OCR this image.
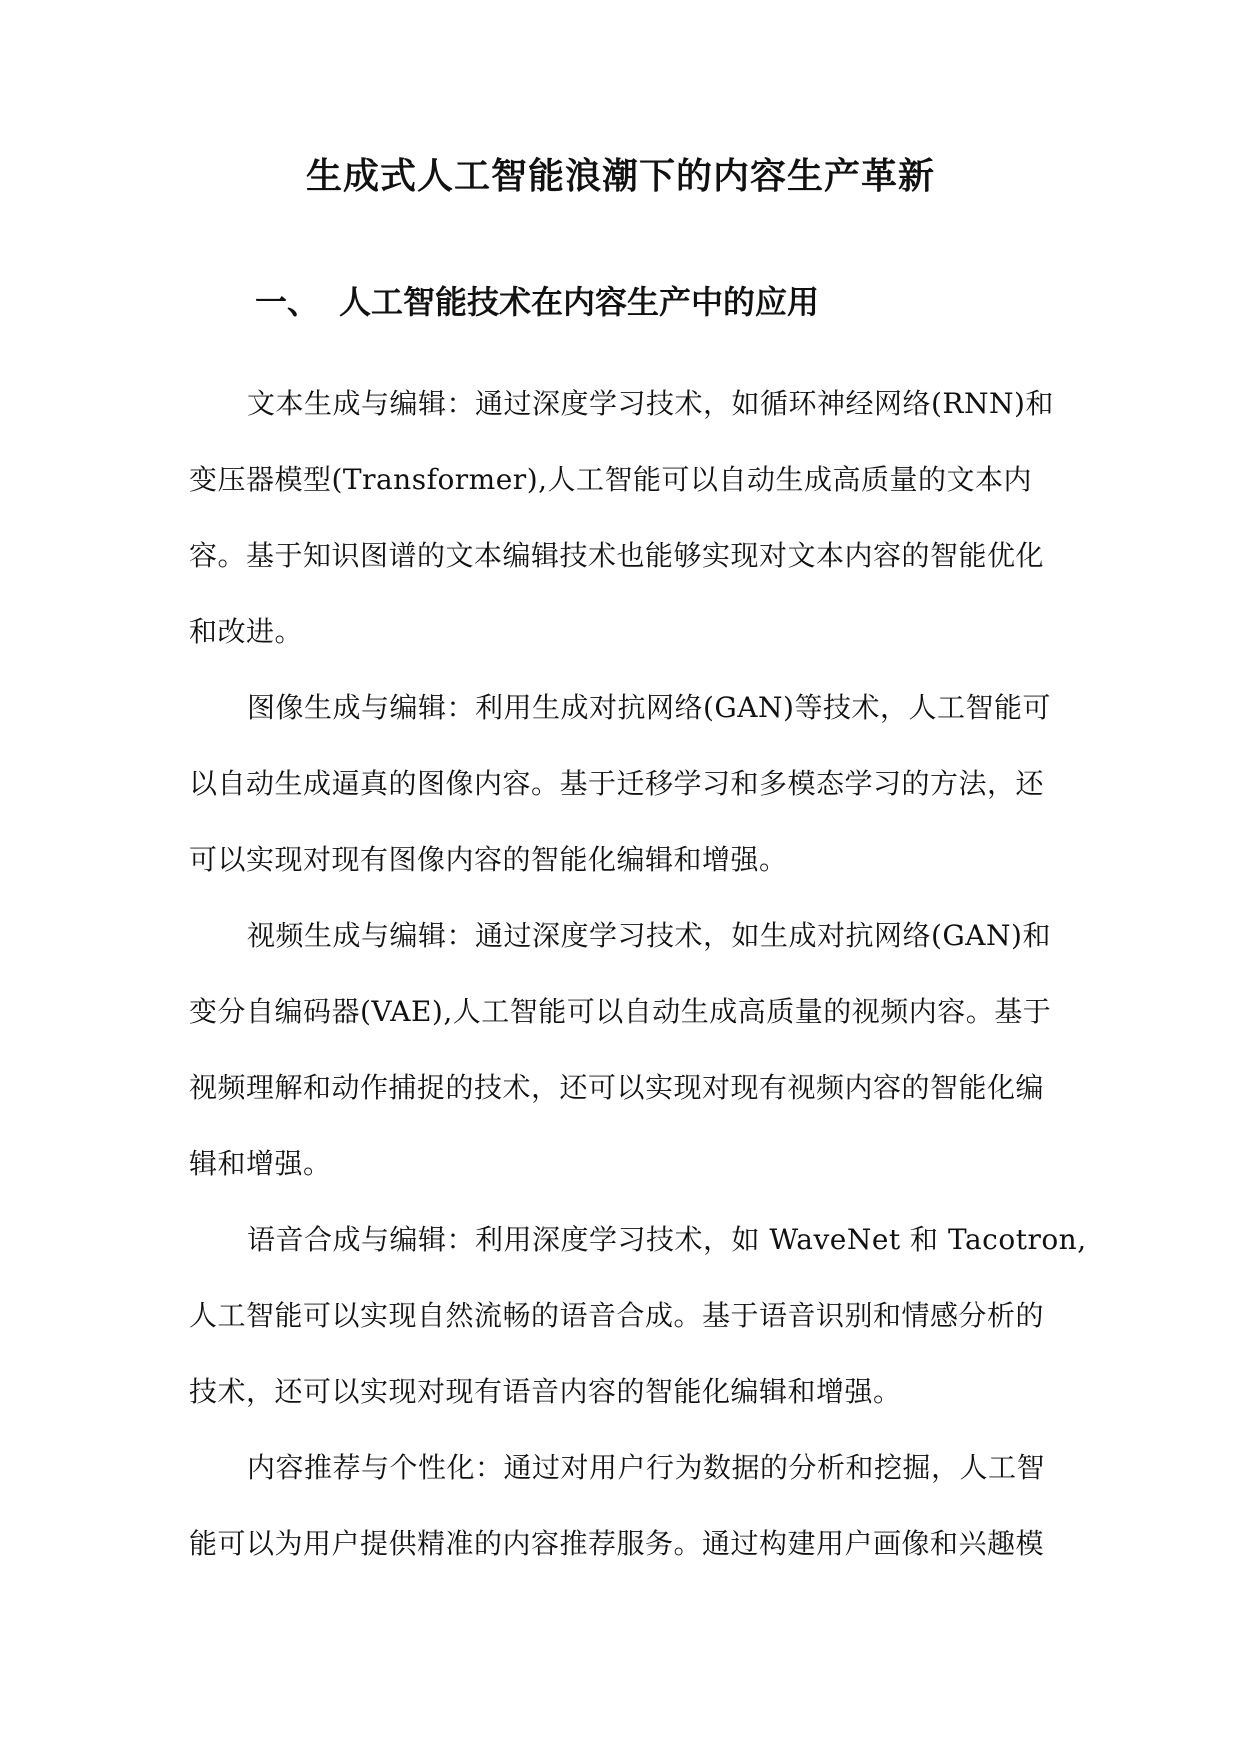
生成式人工智能浪潮下的内容生产革新
一、 人工智能技术在内容生产中的应用

文本生成与编辑：通过深度学习技术，如循环神经网络(RNN)和
变压器模型(Transformer),人工智能可以自动生成高质量的文本内
容。基于知识图谱的文本编辑技术也能够实现对文本内容的智能优化
和改进。

图像生成与编辑：利用生成对抗网络(GAN)等技术，人工智能可
以自动生成逼真的图像内容。基于迁移学习和多模态学习的方法，还
可以实现对现有图像内容的智能化编辑和增强。

视频生成与编辑：通过深度学习技术，如生成对抗网络(GAN)和
变分自编码器(VAE),人工智能可以自动生成高质量的视频内容。基于
视频理解和动作捕捉的技术，还可以实现对现有视频内容的智能化编
辑和增强。

语音合成与编辑：利用深度学习技术，如 WaveNet 和 Tacotron,
人工智能可以实现自然流畅的语音合成。基于语音识别和情感分析的
技术，还可以实现对现有语音内容的智能化编辑和增强。

内容推荐与个性化：通过对用户行为数据的分析和挖掘，人工智
能可以为用户提供精准的内容推荐服务。通过构建用户画像和兴趣模
